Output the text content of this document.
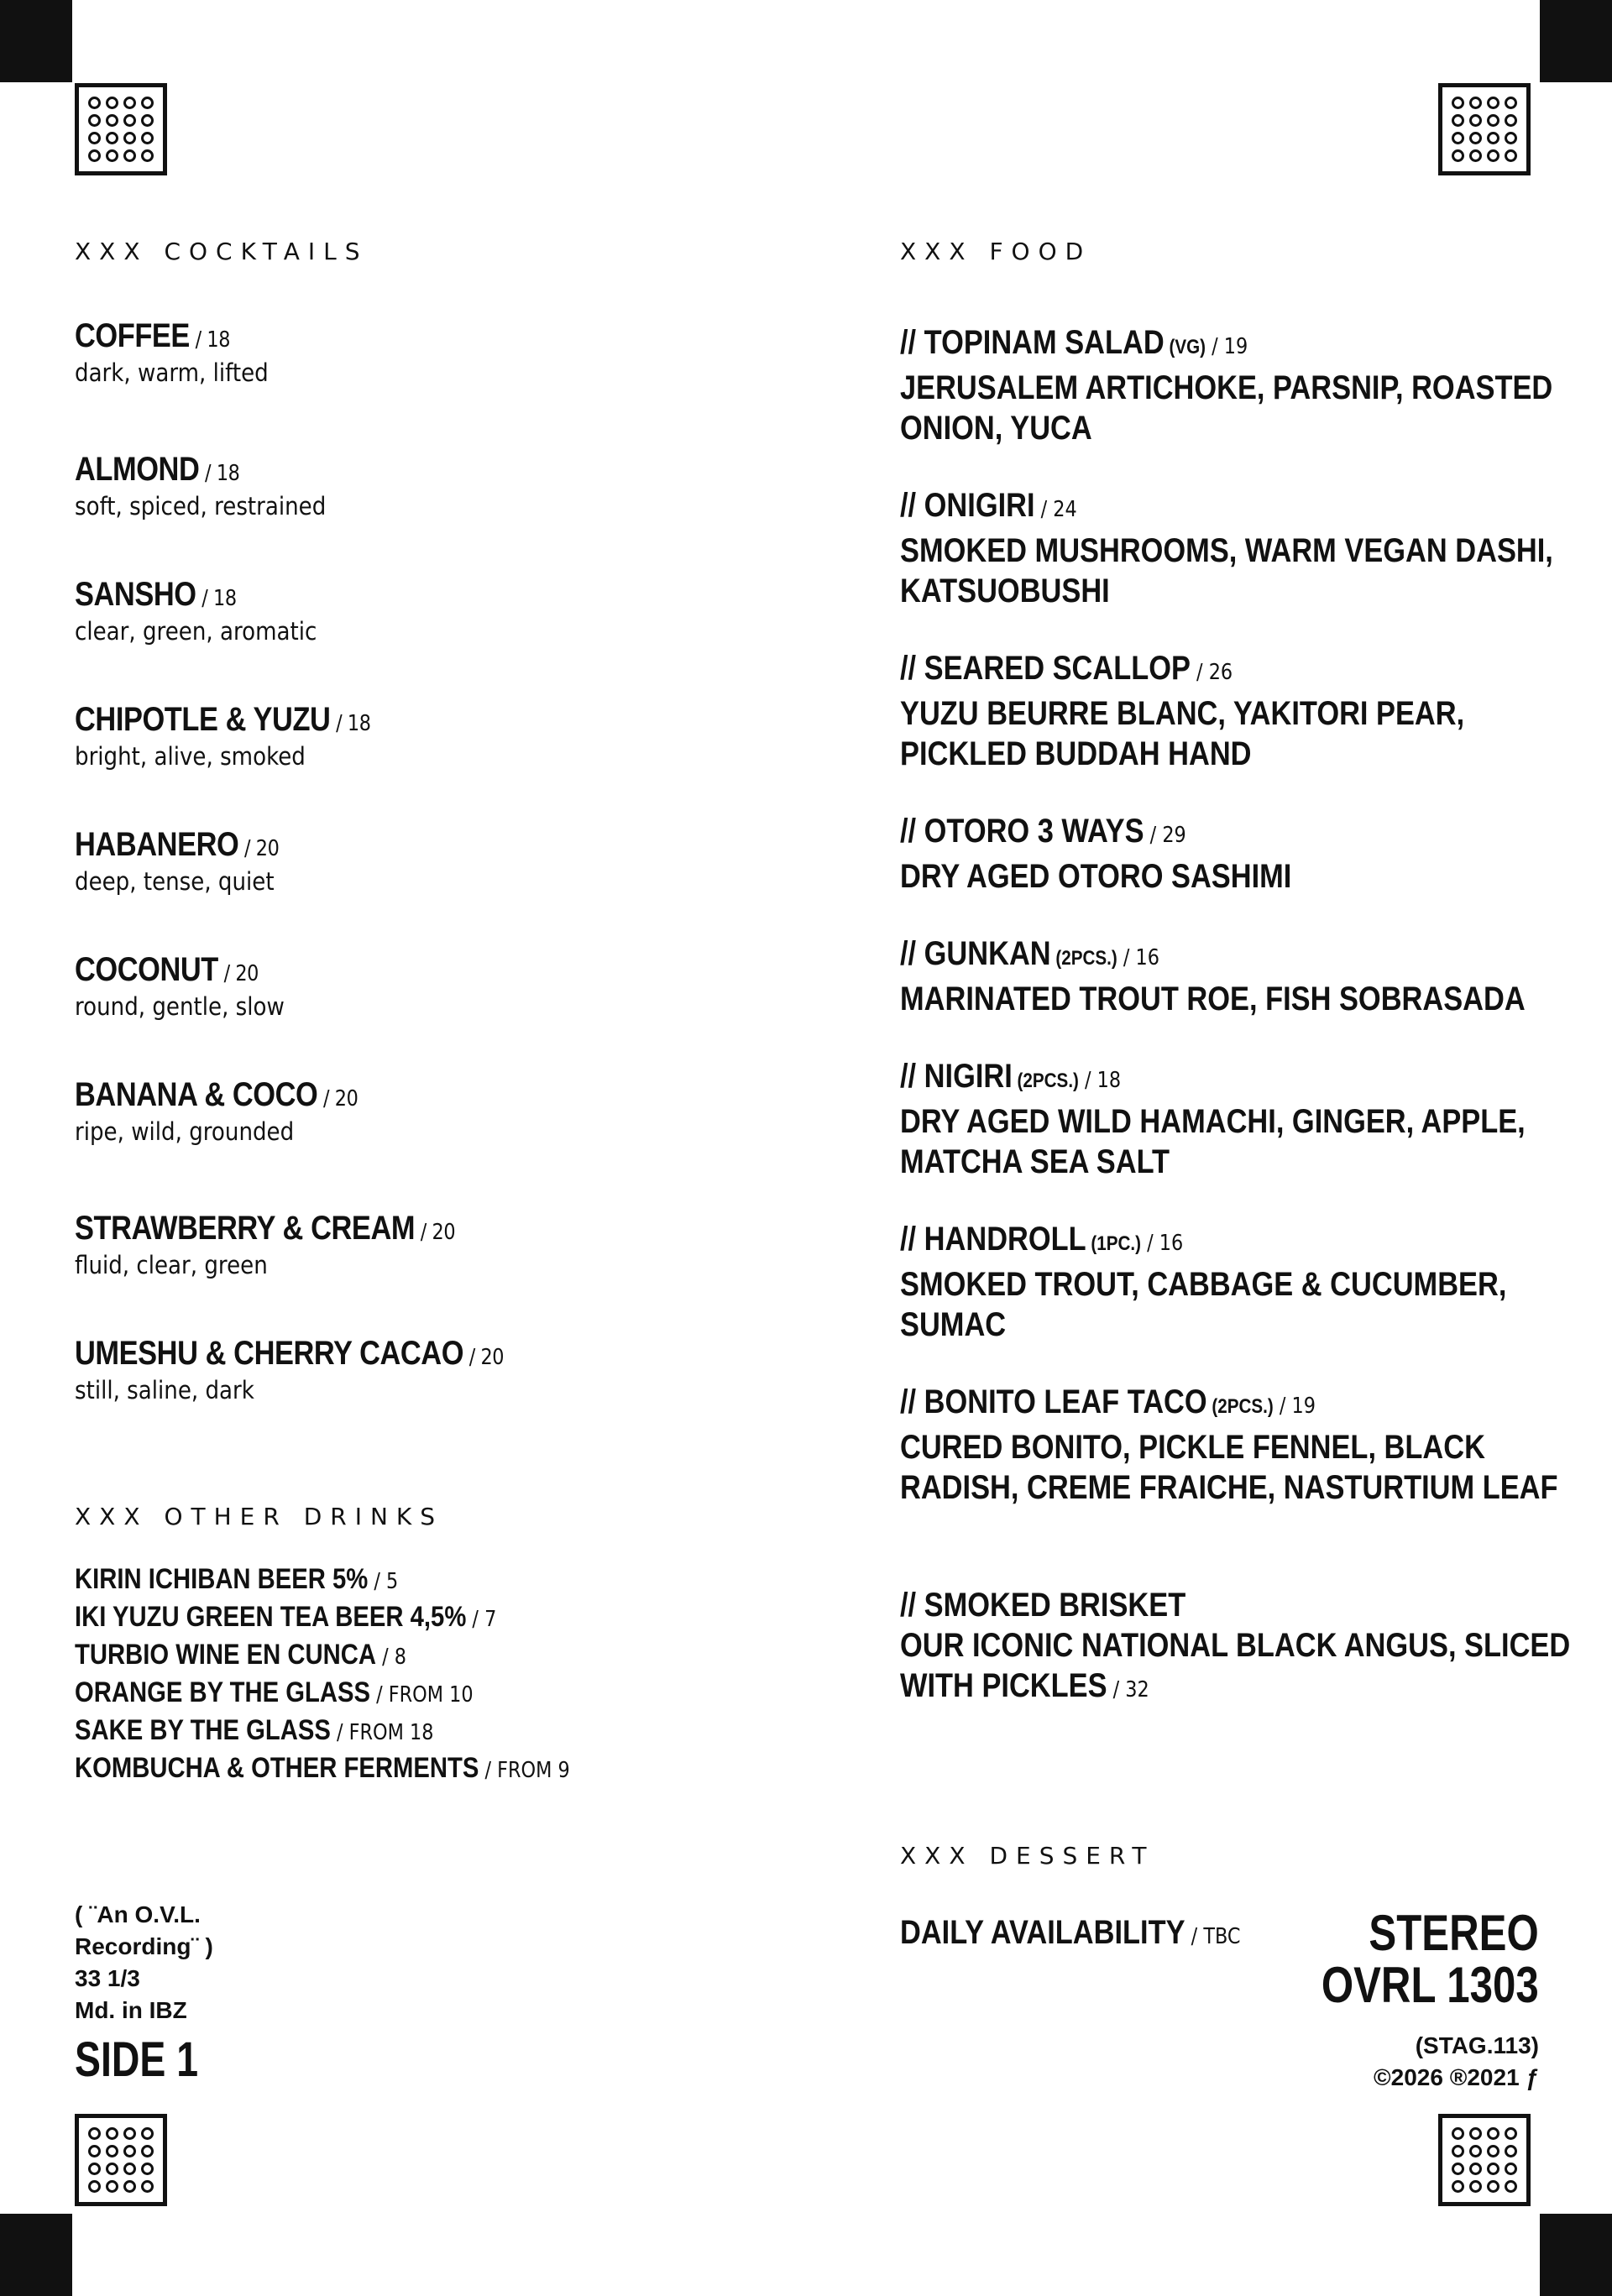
XXX COCKTAILS
COFFEE / 18
dark, warm, lifted
ALMOND / 18
soft, spiced, restrained
SANSHO / 18
clear, green, aromatic
CHIPOTLE & YUZU / 18
bright, alive, smoked
HABANERO / 20
deep, tense, quiet
COCONUT / 20
round, gentle, slow
BANANA & COCO / 20
ripe, wild, grounded
STRAWBERRY & CREAM / 20
fluid, clear, green
UMESHU & CHERRY CACAO / 20
still, saline, dark
XXX OTHER DRINKS
KIRIN ICHIBAN BEER 5% / 5
IKI YUZU GREEN TEA BEER 4,5% / 7
TURBIO WINE EN CUNCA / 8
ORANGE BY THE GLASS / FROM 10
SAKE BY THE GLASS / FROM 18
KOMBUCHA & OTHER FERMENTS / FROM 9
( ¨An O.V.L.
Recording¨ )
33 1/3
Md. in IBZ
SIDE 1
XXX FOOD
// TOPINAM SALAD (VG) / 19
JERUSALEM ARTICHOKE, PARSNIP, ROASTED ONION, YUCA
// ONIGIRI / 24
SMOKED MUSHROOMS, WARM VEGAN DASHI, KATSUOBUSHI
// SEARED SCALLOP / 26
YUZU BEURRE BLANC, YAKITORI PEAR, PICKLED BUDDAH HAND
// OTORO 3 WAYS / 29
DRY AGED OTORO SASHIMI
// GUNKAN (2PCS.) / 16
MARINATED TROUT ROE, FISH SOBRASADA
// NIGIRI (2PCS.) / 18
DRY AGED WILD HAMACHI, GINGER, APPLE, MATCHA SEA SALT
// HANDROLL (1PC.) / 16
SMOKED TROUT, CABBAGE & CUCUMBER, SUMAC
// BONITO LEAF TACO (2PCS.) / 19
CURED BONITO, PICKLE FENNEL, BLACK RADISH, CREME FRAICHE, NASTURTIUM LEAF
// SMOKED BRISKET
OUR ICONIC NATIONAL BLACK ANGUS, SLICED WITH PICKLES / 32
XXX DESSERT
DAILY AVAILABILITY / TBC	STEREO
OVRL 1303
(STAG.113)
©2026 ®2021 ƒ
